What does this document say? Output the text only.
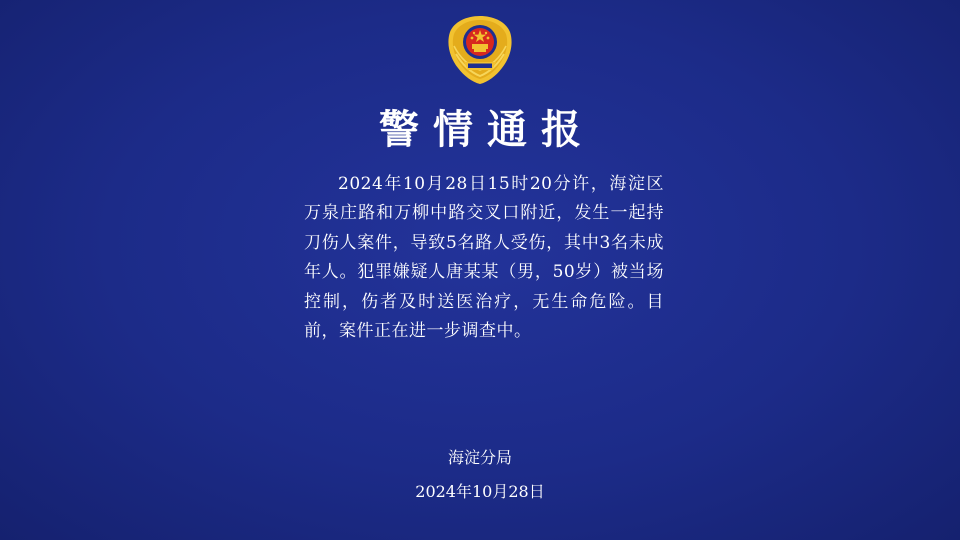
警情通报
2024年10月28日15时20分许，海淀区万泉庄路和万柳中路交叉口附近，发生一起持刀伤人案件，导致5名路人受伤，其中3名未成年人。犯罪嫌疑人唐某某（男，50岁）被当场控制，伤者及时送医治疗，无生命危险。目前，案件正在进一步调查中。
海淀分局
2024年10月28日
